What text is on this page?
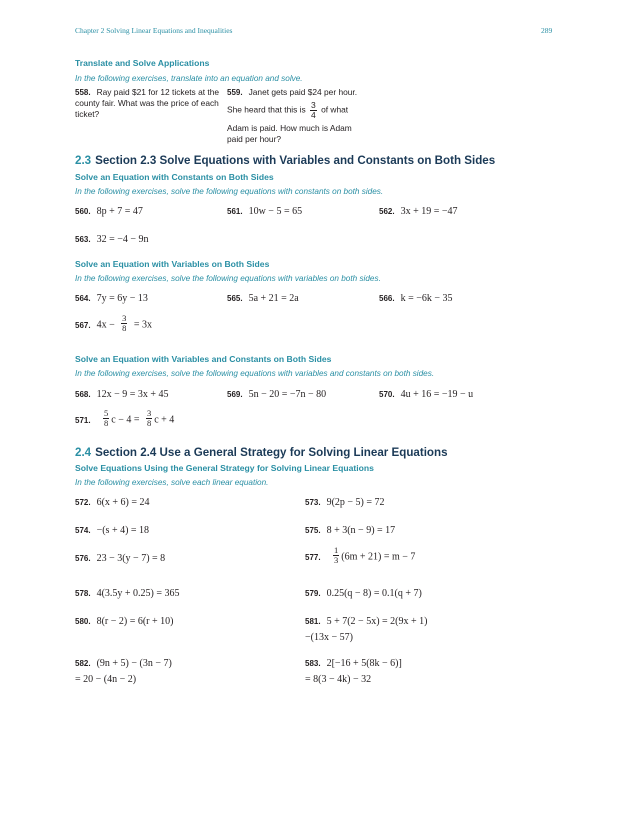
Chapter 2 Solving Linear Equations and Inequalities	289
Translate and Solve Applications
In the following exercises, translate into an equation and solve.
558. Ray paid $21 for 12 tickets at the county fair. What was the price of each ticket?
559. Janet gets paid $24 per hour.
She heard that this is $\frac{3}{4}$ of what
Adam is paid. How much is Adam paid per hour?
2.3 Section 2.3 Solve Equations with Variables and Constants on Both Sides
Solve an Equation with Constants on Both Sides
In the following exercises, solve the following equations with constants on both sides.
560. 8p + 7 = 47	561. 10w − 5 = 65	562. 3x + 19 = −47
563. 32 = −4 − 9n
Solve an Equation with Variables on Both Sides
In the following exercises, solve the following equations with variables on both sides.
564. 7y = 6y − 13	565. 5a + 21 = 2a	566. k = −6k − 35
567. $4x - \frac{3}{8} = 3x$
Solve an Equation with Variables and Constants on Both Sides
In the following exercises, solve the following equations with variables and constants on both sides.
568. 12x − 9 = 3x + 45	569. 5n − 20 = −7n − 80	570. 4u + 16 = −19 − u
571. $\frac{5}{8}$ $c - 4 = \frac{3}{8}$ c + 4
2.4 Section 2.4 Use a General Strategy for Solving Linear Equations
Solve Equations Using the General Strategy for Solving Linear Equations
In the following exercises, solve each linear equation.
572. 6(x + 6) = 24	573. 9(2p − 5) = 72
574. −(s + 4) = 18	575. 8 + 3(n − 9) = 17
576. 23 − 3(y − 7) = 8	577. $\frac{1}{3} (6m + 21) = m - 7$
578. 4(3.5y + 0.25) = 365	579. 0.25(q − 8) = 0.1(q + 7)
580. 8(r − 2) = 6(r + 10)	581. 5 + 7(2 − 5x) = 2(9x + 1)
−(13x − 57)
582. (9n + 5) − (3n − 7)
= 20 − (4n − 2)
583. 2[−16 + 5(8k − 6)]
= 8(3 − 4k) − 32
